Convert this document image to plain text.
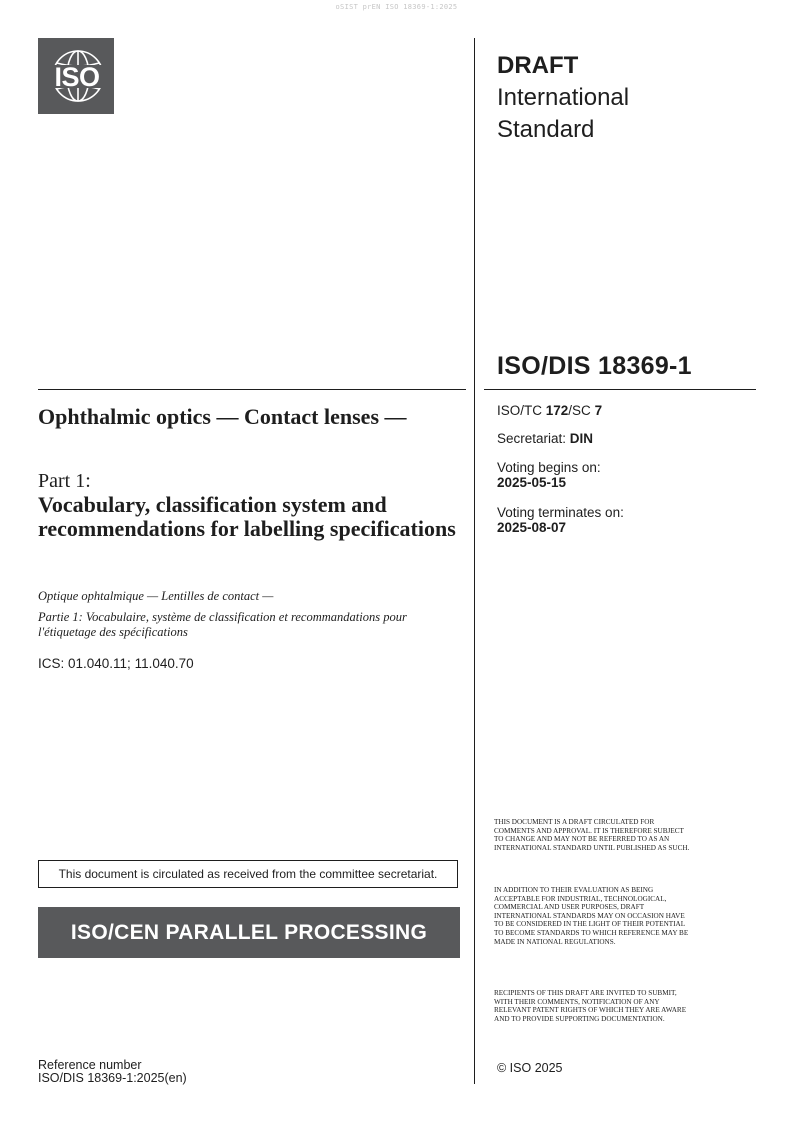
oSIST prEN ISO 18369-1:2025
ISO	DRAFT
International
Standard
ISO/DIS 18369-1
Ophthalmic optics — Contact lenses —
Part 1:
Vocabulary, classification system and recommendations for labelling specifications
Optique ophtalmique — Lentilles de contact —
Partie 1: Vocabulaire, système de classification et recommandations pour l'étiquetage des spécifications
ICS: 01.040.11; 11.040.70
ISO/TC 172/SC 7
Secretariat: DIN
Voting begins on:
2025-05-15
Voting terminates on:
2025-08-07
This document is circulated as received from the committee secretariat.
ISO/CEN PARALLEL PROCESSING
Reference number
ISO/DIS 18369-1:2025(en)
THIS DOCUMENT IS A DRAFT CIRCULATED FOR COMMENTS AND APPROVAL. IT IS THEREFORE SUBJECT TO CHANGE AND MAY NOT BE REFERRED TO AS AN INTERNATIONAL STANDARD UNTIL PUBLISHED AS SUCH.
IN ADDITION TO THEIR EVALUATION AS BEING ACCEPTABLE FOR INDUSTRIAL, TECHNOLOGICAL, COMMERCIAL AND USER PURPOSES, DRAFT INTERNATIONAL STANDARDS MAY ON OCCASION HAVE TO BE CONSIDERED IN THE LIGHT OF THEIR POTENTIAL TO BECOME STANDARDS TO WHICH REFERENCE MAY BE MADE IN NATIONAL REGULATIONS.
RECIPIENTS OF THIS DRAFT ARE INVITED TO SUBMIT, WITH THEIR COMMENTS, NOTIFICATION OF ANY RELEVANT PATENT RIGHTS OF WHICH THEY ARE AWARE AND TO PROVIDE SUPPORTING DOCUMENTATION.
© ISO 2025
